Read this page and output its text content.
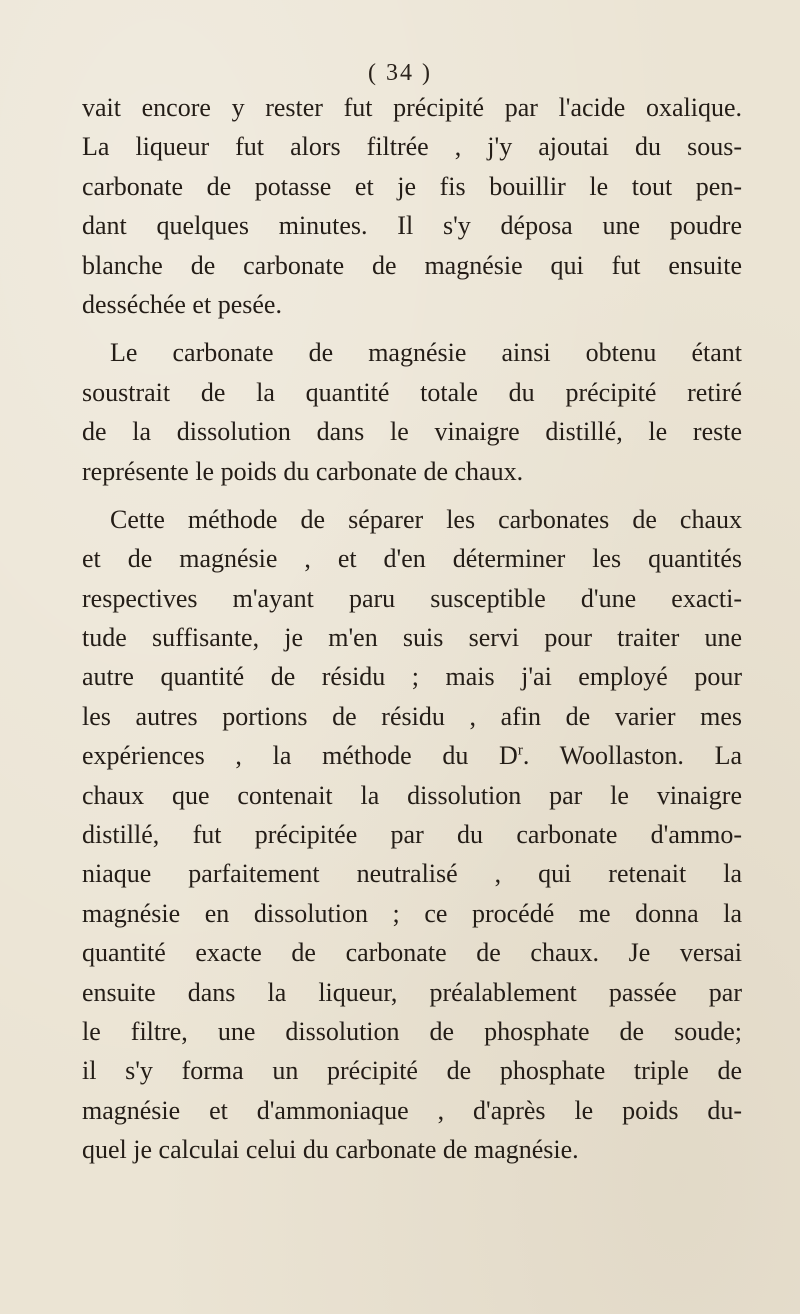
( 34 )
vait encore y rester fut précipité par l'acide oxalique.
La liqueur fut alors filtrée , j'y ajoutai du sous-
carbonate de potasse et je fis bouillir le tout pen-
dant quelques minutes. Il s'y déposa une poudre
blanche de carbonate de magnésie qui fut ensuite
desséchée et pesée.
Le carbonate de magnésie ainsi obtenu étant
soustrait de la quantité totale du précipité retiré
de la dissolution dans le vinaigre distillé, le reste
représente le poids du carbonate de chaux.
Cette méthode de séparer les carbonates de chaux
et de magnésie , et d'en déterminer les quantités
respectives m'ayant paru susceptible d'une exacti-
tude suffisante, je m'en suis servi pour traiter une
autre quantité de résidu ; mais j'ai employé pour
les autres portions de résidu , afin de varier mes
expériences , la méthode du $D^r$. Woollaston. La
chaux que contenait la dissolution par le vinaigre
distillé, fut précipitée par du carbonate d'ammo-
niaque parfaitement neutralisé , qui retenait la
magnésie en dissolution ; ce procédé me donna la
quantité exacte de carbonate de chaux. Je versai
ensuite dans la liqueur, préalablement passée par
le filtre, une dissolution de phosphate de soude;
il s'y forma un précipité de phosphate triple de
magnésie et d'ammoniaque , d'après le poids du-
quel je calculai celui du carbonate de magnésie.
